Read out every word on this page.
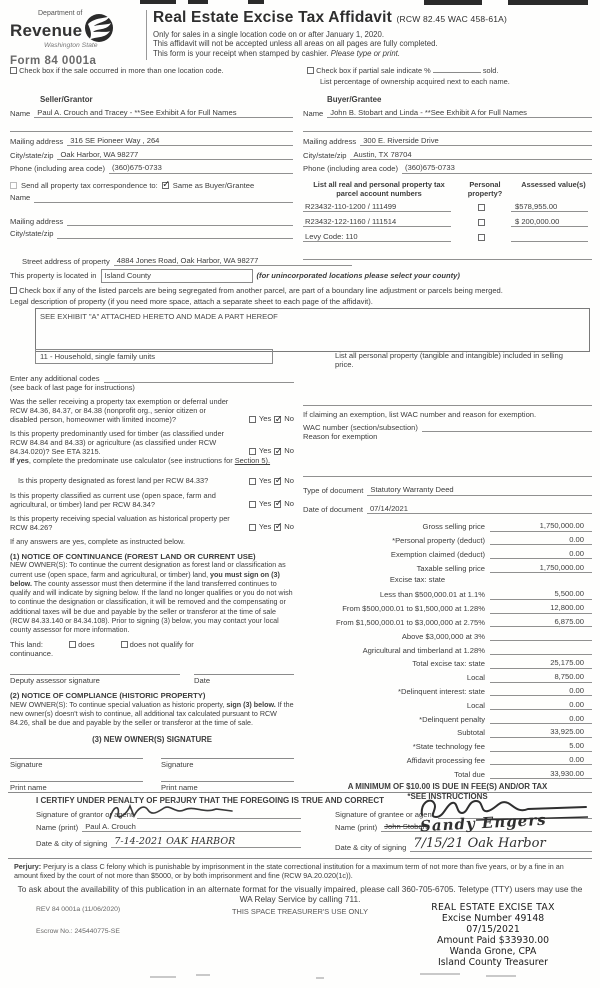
Department of
Revenue
Washington State
Form 84 0001a
Real Estate Excise Tax Affidavit (RCW 82.45 WAC 458-61A)
Only for sales in a single location code on or after January 1, 2020.
This affidavit will not be accepted unless all areas on all pages are fully completed.
This form is your receipt when stamped by cashier. Please type or print.
Check box if the sale occurred in more than one location code.	Check box if partial sale indicate %	sold.
List percentage of ownership acquired next to each name.
Seller/Grantor
Name Paul A. Crouch and Tracey - **See Exhibit A for Full Names
Mailing address 316 SE Pioneer Way , 264
City/state/zip Oak Harbor, WA 98277
Phone (including area code) (360)675-0733
Send all property tax correspondence to: ✓ Same as Buyer/Grantee
Name
Mailing address
City/state/zip
Buyer/Grantee
Name John B. Stobart and Linda - **See Exhibit A for Full Names
Mailing address 300 E. Riverside Drive
City/state/zip Austin, TX 78704
Phone (including area code) (360)675-0733
List all real and personal property tax parcel account numbers
Personal property?
Assessed value(s)
R23432-110-1200 / 111499	$578,955.00
R23432-122-1160 / 111514	$ 200,000.00
Levy Code: 110
Street address of property 4884 Jones Road, Oak Harbor, WA 98277
This property is located in	Island County	(for unincorporated locations please select your county)
Check box if any of the listed parcels are being segregated from another parcel, are part of a boundary line adjustment or parcels being merged.
Legal description of property (if you need more space, attach a separate sheet to each page of the affidavit).
SEE EXHIBIT "A" ATTACHED HERETO AND MADE A PART HEREOF
11 - Household, single family units	List all personal property (tangible and intangible) included in selling price.
Enter any additional codes
(see back of last page for instructions)
Was the seller receiving a property tax exemption or deferral under RCW 84.36, 84.37, or 84.38 (nonprofit org., senior citizen or disabled person, homeowner with limited income)?	Yes ✓ No
Is this property predominantly used for timber (as classified under RCW 84.84 and 84.33) or agriculture (as classified under RCW 84.34.020)? See ETA 3215.	Yes ✓ No
If yes, complete the predominate use calculator (see instructions for Section 5).
Is this property designated as forest land per RCW 84.33?	Yes ✓ No
Is this property classified as current use (open space, farm and agricultural, or timber) land per RCW 84.34?	Yes ✓ No
Is this property receiving special valuation as historical property per RCW 84.26?	Yes ✓ No
If any answers are yes, complete as instructed below.
(1) NOTICE OF CONTINUANCE (FOREST LAND OR CURRENT USE)
NEW OWNER(S): To continue the current designation as forest land or classification as current use (open space, farm and agricultural, or timber) land, you must sign on (3) below. The county assessor must then determine if the land transferred continues to qualify and will indicate by signing below. If the land no longer qualifies or you do not wish to continue the designation or classification, it will be removed and the compensating or additional taxes will be due and payable by the seller or transferor at the time of sale (RCW 84.33.140 or 84.34.108). Prior to signing (3) below, you may contact your local county assessor for more information.
This land:	does	does not qualify for
continuance.
Deputy assessor signature	Date
(2) NOTICE OF COMPLIANCE (HISTORIC PROPERTY)
NEW OWNER(S): To continue special valuation as historic property, sign (3) below. If the new owner(s) doesn't wish to continue, all additional tax calculated pursuant to RCW 84.26, shall be due and payable by the seller or transferor at the time of sale.
(3) NEW OWNER(S) SIGNATURE
Signature
Print name
Signature
Print name
If claiming an exemption, list WAC number and reason for exemption.
WAC number (section/subsection)
Reason for exemption
Type of document Statutory Warranty Deed
Date of document 07/14/2021
Gross selling price	1,750,000.00
*Personal property (deduct)	0.00
Exemption claimed (deduct)	0.00
Taxable selling price	1,750,000.00
Excise tax: state
Less than $500,000.01 at 1.1%	5,500.00
From $500,000.01 to $1,500,000 at 1.28%	12,800.00
From $1,500,000.01 to $3,000,000 at 2.75%	6,875.00
Above $3,000,000 at 3%
Agricultural and timberland at 1.28%
Total excise tax: state	25,175.00
Local	8,750.00
*Delinquent interest: state	0.00
Local	0.00
*Delinquent penalty	0.00
Subtotal	33,925.00
*State technology fee	5.00
Affidavit processing fee	0.00
Total due	33,930.00
A MINIMUM OF $10.00 IS DUE IN FEE(S) AND/OR TAX
*SEE INSTRUCTIONS
I CERTIFY UNDER PENALTY OF PERJURY THAT THE FOREGOING IS TRUE AND CORRECT
Signature of grantor or agent
Name (print) Paul A. Crouch
Date & city of signing 7-14-2021 OAK HARBOR
Signature of grantee or agent
Name (print) John Stobart
Date & city of signing 7/15/21 Oak Harbor
Sandy Engers
Perjury: Perjury is a class C felony which is punishable by imprisonment in the state correctional institution for a maximum term of not more than five years, or by a fine in an amount fixed by the court of not more than $5000, or by both imprisonment and fine (RCW 9A.20.020(1c)).
To ask about the availability of this publication in an alternate format for the visually impaired, please call 360-705-6705. Teletype (TTY) users may use the WA Relay Service by calling 711.
REV 84 0001a (11/06/2020)
Escrow No.: 245440775-SE
THIS SPACE TREASURER'S USE ONLY	REAL ESTATE EXCISE TAX
Excise Number 49148
07/15/2021
Amount Paid $33930.00
Wanda Grone, CPA
Island County Treasurer
